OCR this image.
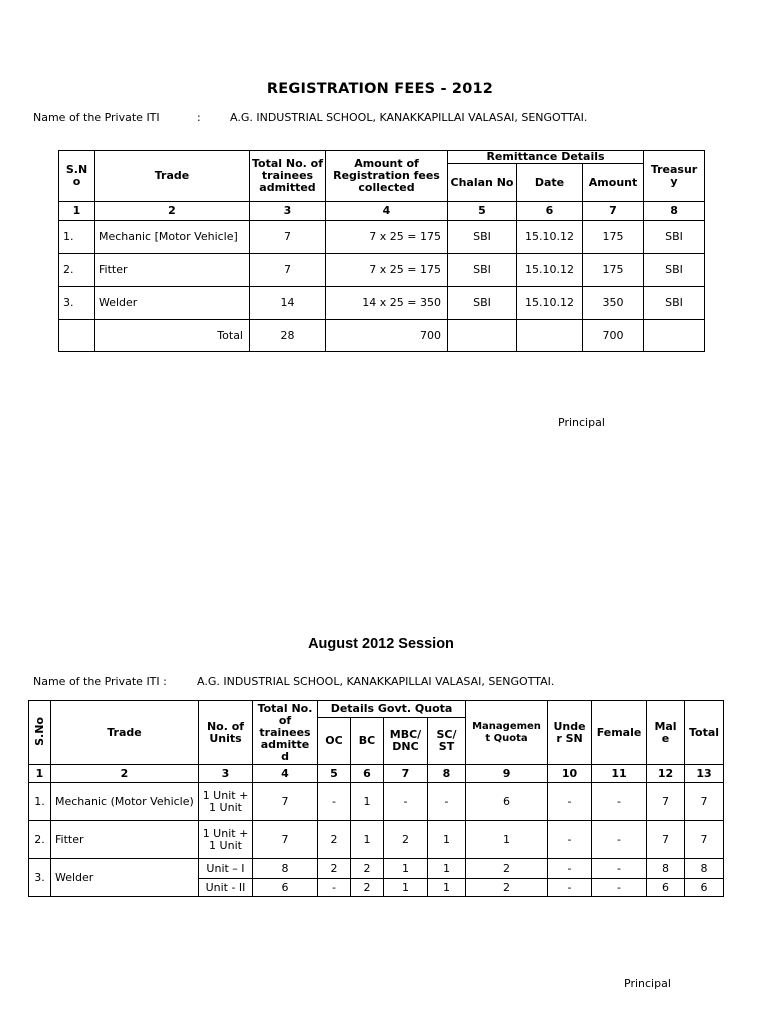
REGISTRATION FEES - 2012
Name of the Private ITI	:	A.G. INDUSTRIAL SCHOOL, KANAKKAPILLAI VALASAI, SENGOTTAI.
S.N o	Trade	Total No. of trainees admitted	Amount of Registration fees collected	Remittance Details			Treasur y
				Chalan No	Date	Amount	
1	2	3	4	5	6	7	8
1.	Mechanic [Motor Vehicle]	7	7 x 25 = 175	SBI	15.10.12	175	SBI
2.	Fitter	7	7 x 25 = 175	SBI	15.10.12	175	SBI
3.	Welder	14	14 x 25 = 350	SBI	15.10.12	350	SBI
	Total	28	700			700	
Principal
August 2012 Session
Name of the Private ITI :	A.G. INDUSTRIAL SCHOOL, KANAKKAPILLAI VALASAI, SENGOTTAI.
S.No	Trade	No. of Units	Total No. of trainees admitte d	Details Govt. Quota				Managemen t Quota	Unde r SN	Female	Mal e	Total
				OC	BC	MBC/ DNC	SC/ ST					
1	2	3	4	5	6	7	8	9	10	11	12	13
1.	Mechanic (Motor Vehicle)	1 Unit + 1 Unit	7	-	1	-	-	6	-	-	7	7
2.	Fitter	1 Unit + 1 Unit	7	2	1	2	1	1	-	-	7	7
3.	Welder	Unit – I	8	2	2	1	1	2	-	-	8	8
		Unit - II	6	-	2	1	1	2	-	-	6	6
Principal
